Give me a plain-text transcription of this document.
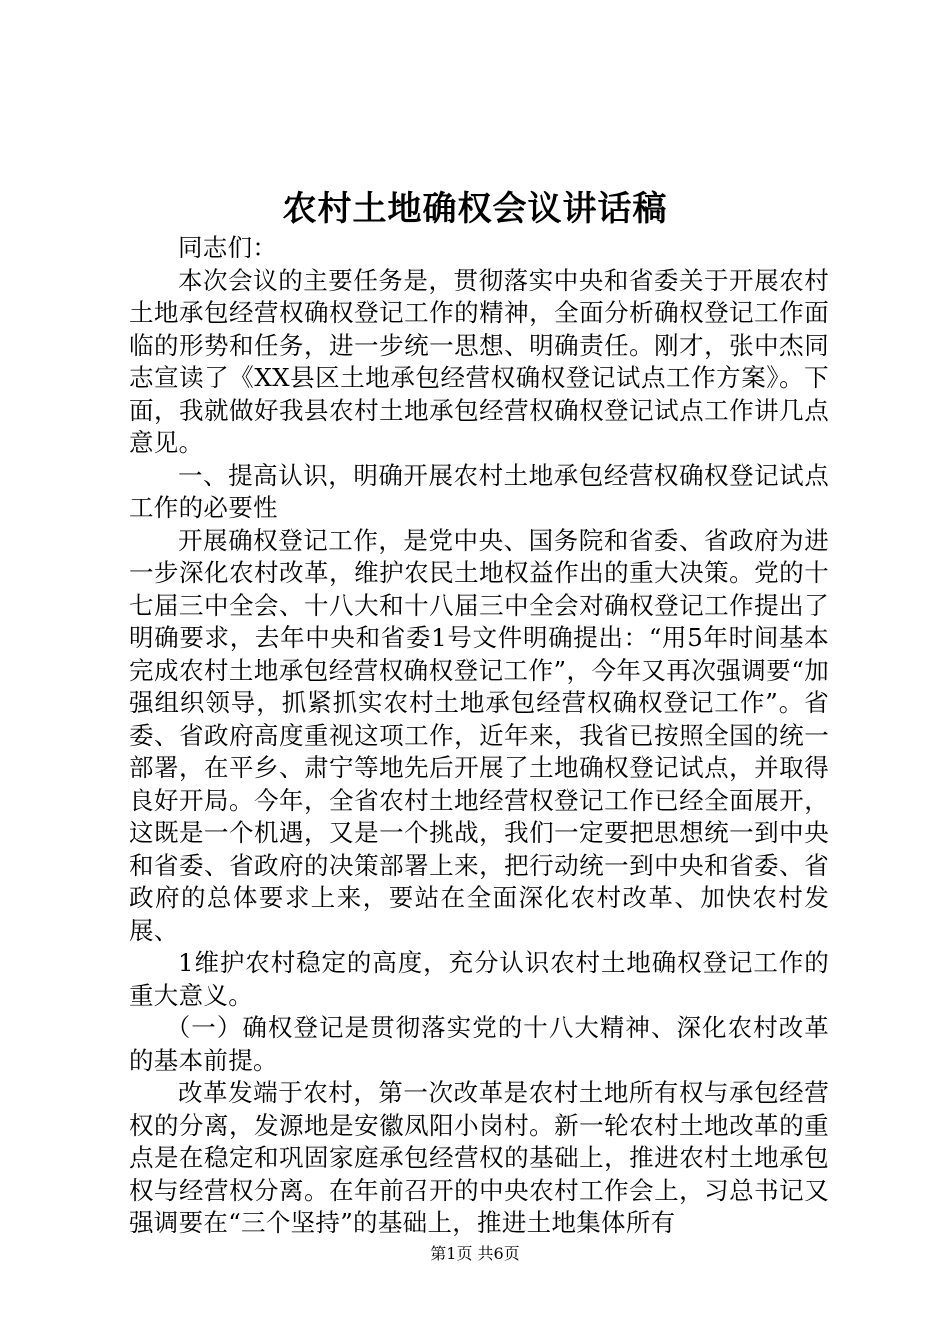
农村土地确权会议讲话稿

同志们：

本次会议的主要任务是，贯彻落实中央和省委关于开展农村土地承包经营权确权登记工作的精神，全面分析确权登记工作面临的形势和任务，进一步统一思想、明确责任。刚才，张中杰同志宣读了《XX县区土地承包经营权确权登记试点工作方案》。下面，我就做好我县农村土地承包经营权确权登记试点工作讲几点意见。

一、提高认识，明确开展农村土地承包经营权确权登记试点工作的必要性

开展确权登记工作，是党中央、国务院和省委、省政府为进一步深化农村改革，维护农民土地权益作出的重大决策。党的十七届三中全会、十八大和十八届三中全会对确权登记工作提出了明确要求，去年中央和省委1号文件明确提出：“用5年时间基本完成农村土地承包经营权确权登记工作”，今年又再次强调要“加强组织领导，抓紧抓实农村土地承包经营权确权登记工作”。省委、省政府高度重视这项工作，近年来，我省已按照全国的统一部署，在平乡、肃宁等地先后开展了土地确权登记试点，并取得良好开局。今年，全省农村土地经营权登记工作已经全面展开，这既是一个机遇，又是一个挑战，我们一定要把思想统一到中央和省委、省政府的决策部署上来，把行动统一到中央和省委、省政府的总体要求上来，要站在全面深化农村改革、加快农村发展、

1维护农村稳定的高度，充分认识农村土地确权登记工作的重大意义。

（一）确权登记是贯彻落实党的十八大精神、深化农村改革的基本前提。

改革发端于农村，第一次改革是农村土地所有权与承包经营权的分离，发源地是安徽凤阳小岗村。新一轮农村土地改革的重点是在稳定和巩固家庭承包经营权的基础上，推进农村土地承包权与经营权分离。在年前召开的中央农村工作会上，习总书记又强调要在“三个坚持”的基础上，推进土地集体所有

第1页 共6页
